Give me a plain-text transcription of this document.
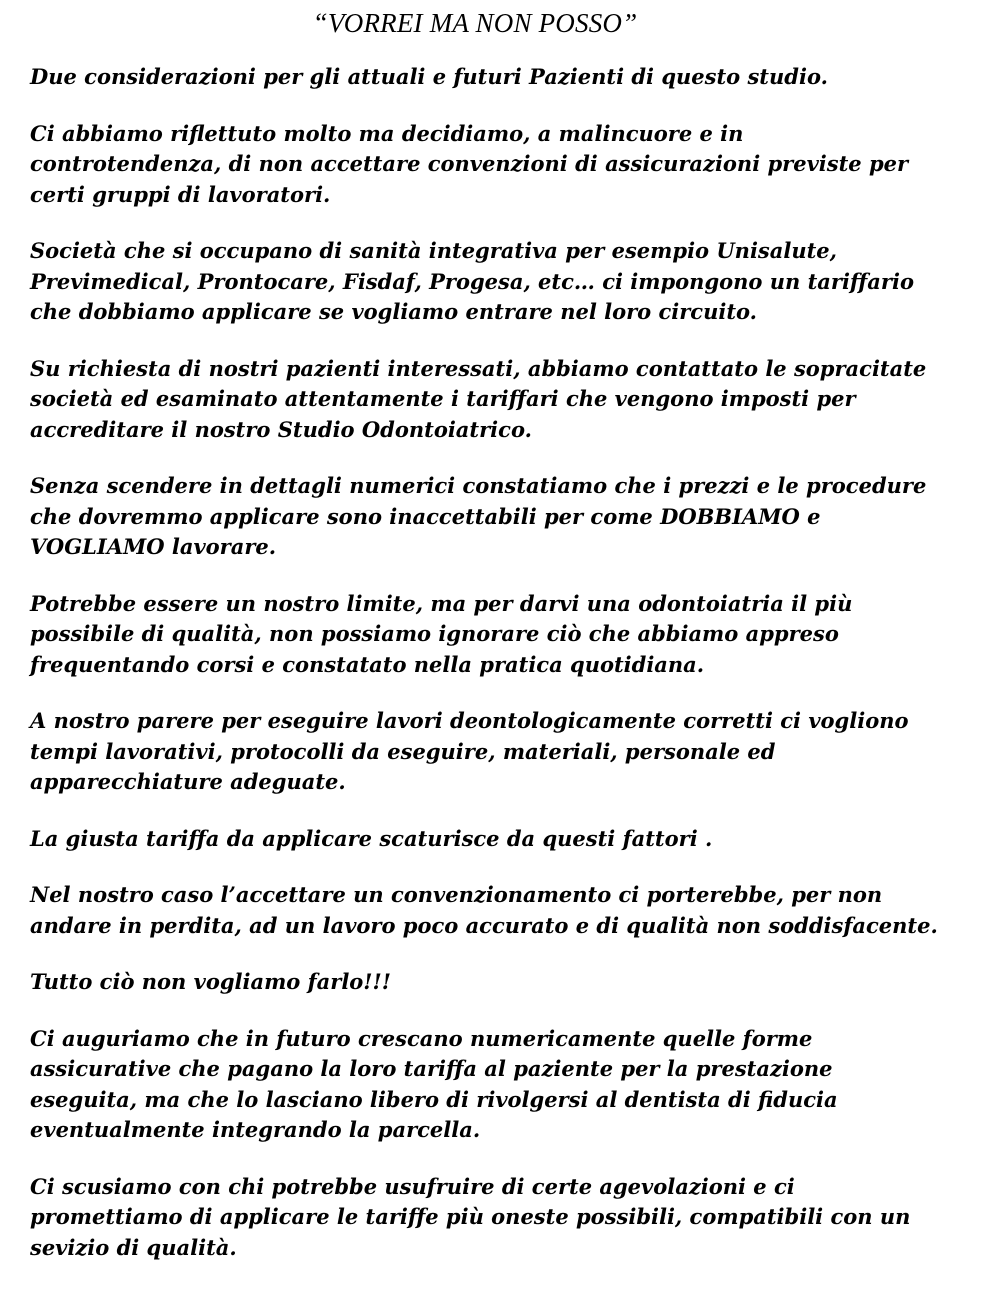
“VORREI MA NON POSSO”

Due considerazioni per gli attuali e futuri Pazienti di questo studio.

Ci abbiamo riflettuto molto ma decidiamo, a malincuore e in
controtendenza, di non accettare convenzioni di assicurazioni previste per
certi gruppi di lavoratori.

Società che si occupano di sanità integrativa per esempio Unisalute,
Previmedical, Prontocare, Fisdaf, Progesa, etc… ci impongono un tariffario
che dobbiamo applicare se vogliamo entrare nel loro circuito.

Su richiesta di nostri pazienti interessati, abbiamo contattato le sopracitate
società ed esaminato attentamente i tariffari che vengono imposti per
accreditare il nostro Studio Odontoiatrico.

Senza scendere in dettagli numerici constatiamo che i prezzi e le procedure
che dovremmo applicare sono inaccettabili per come DOBBIAMO e
VOGLIAMO lavorare.

Potrebbe essere un nostro limite, ma per darvi una odontoiatria il più
possibile di qualità, non possiamo ignorare ciò che abbiamo appreso
frequentando corsi e constatato nella pratica quotidiana.

A nostro parere per eseguire lavori deontologicamente corretti ci vogliono
tempi lavorativi, protocolli da eseguire, materiali, personale ed
apparecchiature adeguate.

La giusta tariffa da applicare scaturisce da questi fattori .

Nel nostro caso l’accettare un convenzionamento ci porterebbe, per non
andare in perdita, ad un lavoro poco accurato e di qualità non soddisfacente.

Tutto ciò non vogliamo farlo!!!

Ci auguriamo che in futuro crescano numericamente quelle forme
assicurative che pagano la loro tariffa al paziente per la prestazione
eseguita, ma che lo lasciano libero di rivolgersi al dentista di fiducia
eventualmente integrando la parcella.

Ci scusiamo con chi potrebbe usufruire di certe agevolazioni e ci
promettiamo di applicare le tariffe più oneste possibili, compatibili con un
sevizio di qualità.
